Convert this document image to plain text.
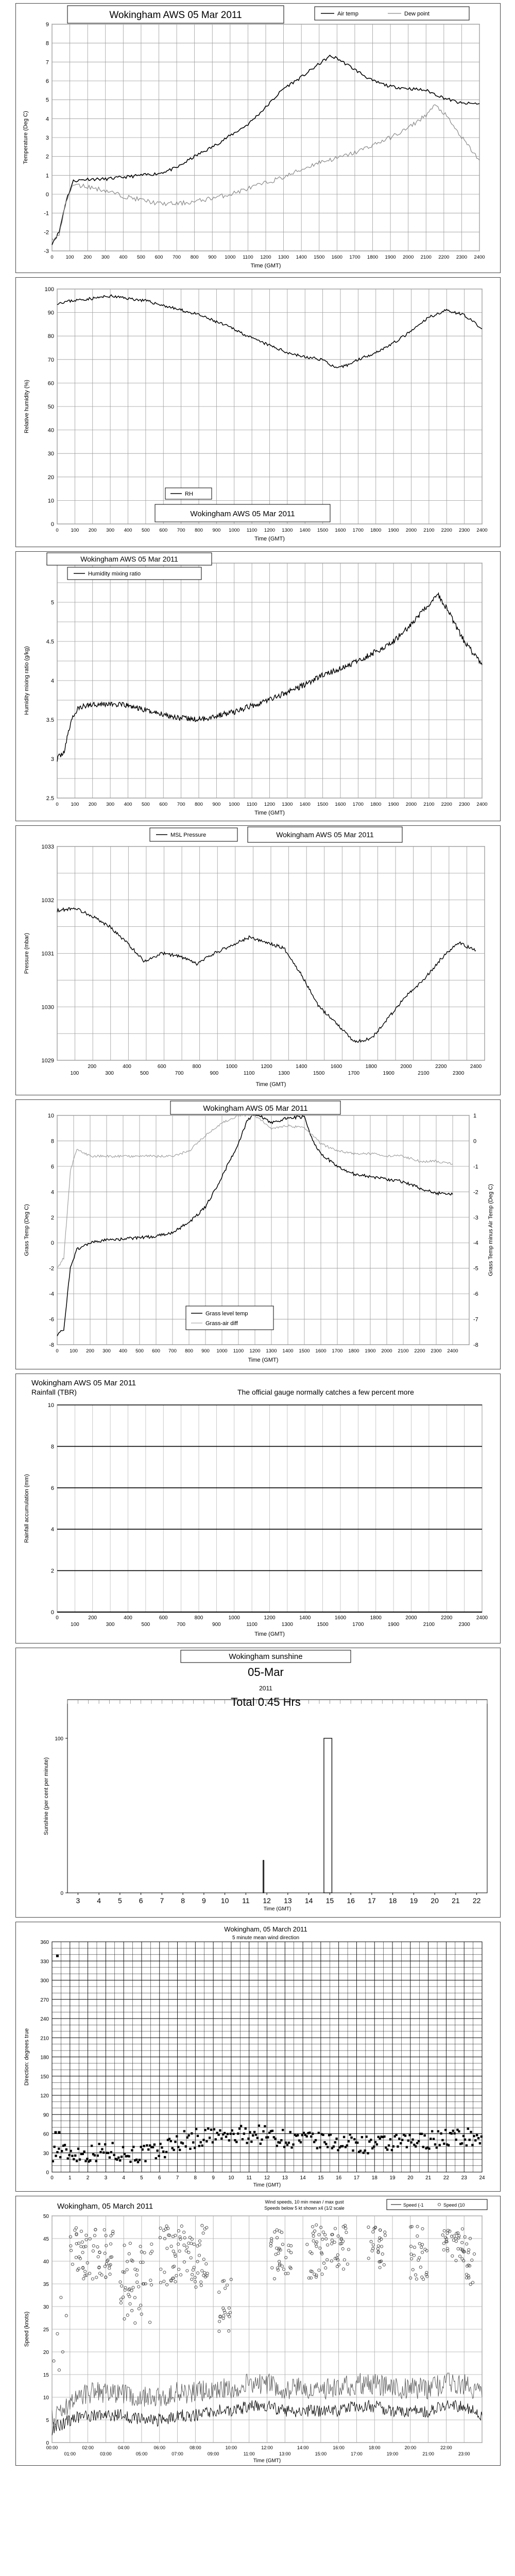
-3
-2
-1
0
1
2
3
4
5
6
7
8
9
0	100 200 300 400 500 600 700 800 900 1000 1100 1200 1300 1400 1500 1600 1700 1800 1900 2000 2100 2200 2300 2400
Temperature (Deg C)
Time (GMT)
Wokingham AWS 05 Mar 2011	Air temp	Dew point
0
10
20
30
40
50
60
70
80
90
100
0	100 200 300 400 500 600 700 800 900 1000 1100 1200 1300 1400 1500 1600 1700 1800 1900 2000 2100 2200 2300 2400
Relative humidity (%)
Time (GMT)
RH
Wokingham AWS 05 Mar 2011
2.5
3
3.5
4
4.5
5
0	100 200 300 400 500 600 700 800 900 1000 1100 1200 1300 1400 1500 1600 1700 1800 1900 2000 2100 2200 2300 2400
Humidity mixing ratio (g/kg)
Time (GMT)
Wokingham AWS 05 Mar 2011
Humidity mixing ratio
1029
1030
1031
1032
1033
100
200
300
400
500
600
700
800
900
1000
1100
1200
1300
1400
1500
1600
1700
1800
1900
2000
2100
2200
2300
2400
Pressure (mbar)
Time (GMT)
MSL Pressure	Wokingham AWS 05 Mar 2011
-8
-6
-4
-2
0
2
4
6
8
10
-8
-7
-6
-5
-4
-3
-2
-1
0
1
0 100 200 300 400 500 600 700 800 900 1000 1100 1200 1300 1400 1500 1600 1700 1800 1900 2000 2100 2200 2300 2400
Grass Temp (Deg C)	Grass Temp minus Air Temp (Deg C)
Time (GMT)
Wokingham AWS 05 Mar 2011
Grass level temp
Grass-air diff
0
2
4
6
8
10
0
100
200
300
400
500
600
700
800
900
1000
1100
1200
1300
1400
1500
1600
1700
1800
1900
2000
2100
2200
2300
2400
Rainfall accumulation (mm)
Time (GMT)
Wokingham AWS 05 Mar 2011
Rainfall (TBR)	The official gauge normally catches a few percent more
0
100
3 4 5 6 7 8 9 10 11 12 13 14 15 16 17 18 19 20 21 22
Time (GMT)
Sunshine (per cent per minute)
Wokingham sunshine
05-Mar
2011
Total 0.45 Hrs
0
30
60
90
120
150
180
210
240
270
300
330
360
0	1	2	3	4	5	6	7	8	9	10 11 12 13 14 15 16 17 18 19 20 21 22 23 24
Time (GMT)
Direction: degrees true
Wokingham, 05 March 2011
5 minute mean wind direction
0
5
10
15
20
25
30
35
40
45
50
00:00
01:00
02:00
03:00
04:00
05:00
06:00
07:00
08:00
09:00
10:00
11:00
12:00
13:00
14:00
15:00
16:00
17:00
18:00
19:00
20:00
21:00
22:00
23:00
Time (GMT)
Speed (knots)
Wokingham, 05 March 2011	Wind speeds, 10 min mean / max gust
Speeds below 5 kt shown x4 (1/2 scale
Speed (-1	Speed (10
